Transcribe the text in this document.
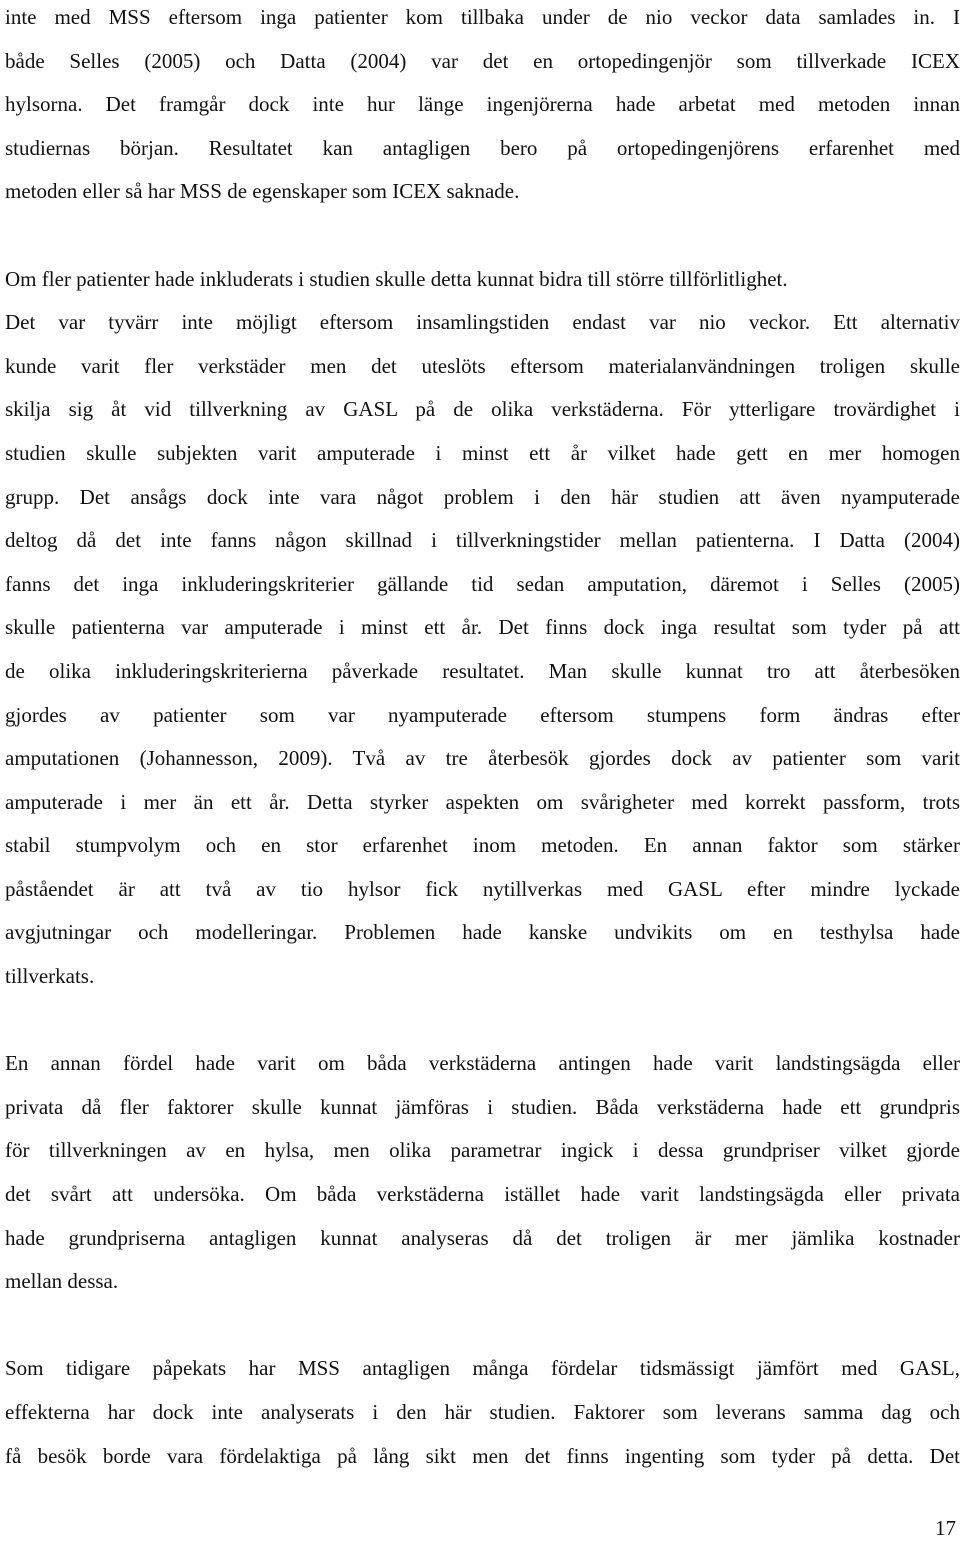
inte med MSS eftersom inga patienter kom tillbaka under de nio veckor data samlades in. I
både Selles (2005) och Datta (2004) var det en ortopedingenjör som tillverkade ICEX
hylsorna. Det framgår dock inte hur länge ingenjörerna hade arbetat med metoden innan
studiernas början. Resultatet kan antagligen bero på ortopedingenjörens erfarenhet med
metoden eller så har MSS de egenskaper som ICEX saknade.
Om fler patienter hade inkluderats i studien skulle detta kunnat bidra till större tillförlitlighet.
Det var tyvärr inte möjligt eftersom insamlingstiden endast var nio veckor. Ett alternativ
kunde varit fler verkstäder men det uteslöts eftersom materialanvändningen troligen skulle
skilja sig åt vid tillverkning av GASL på de olika verkstäderna. För ytterligare trovärdighet i
studien skulle subjekten varit amputerade i minst ett år vilket hade gett en mer homogen
grupp. Det ansågs dock inte vara något problem i den här studien att även nyamputerade
deltog då det inte fanns någon skillnad i tillverkningstider mellan patienterna. I Datta (2004)
fanns det inga inkluderingskriterier gällande tid sedan amputation, däremot i Selles (2005)
skulle patienterna var amputerade i minst ett år. Det finns dock inga resultat som tyder på att
de olika inkluderingskriterierna påverkade resultatet. Man skulle kunnat tro att återbesöken
gjordes av patienter som var nyamputerade eftersom stumpens form ändras efter
amputationen (Johannesson, 2009). Två av tre återbesök gjordes dock av patienter som varit
amputerade i mer än ett år. Detta styrker aspekten om svårigheter med korrekt passform, trots
stabil stumpvolym och en stor erfarenhet inom metoden. En annan faktor som stärker
påståendet är att två av tio hylsor fick nytillverkas med GASL efter mindre lyckade
avgjutningar och modelleringar. Problemen hade kanske undvikits om en testhylsa hade
tillverkats.
En annan fördel hade varit om båda verkstäderna antingen hade varit landstingsägda eller
privata då fler faktorer skulle kunnat jämföras i studien. Båda verkstäderna hade ett grundpris
för tillverkningen av en hylsa, men olika parametrar ingick i dessa grundpriser vilket gjorde
det svårt att undersöka. Om båda verkstäderna istället hade varit landstingsägda eller privata
hade grundpriserna antagligen kunnat analyseras då det troligen är mer jämlika kostnader
mellan dessa.
Som tidigare påpekats har MSS antagligen många fördelar tidsmässigt jämfört med GASL,
effekterna har dock inte analyserats i den här studien. Faktorer som leverans samma dag och
få besök borde vara fördelaktiga på lång sikt men det finns ingenting som tyder på detta. Det
17
